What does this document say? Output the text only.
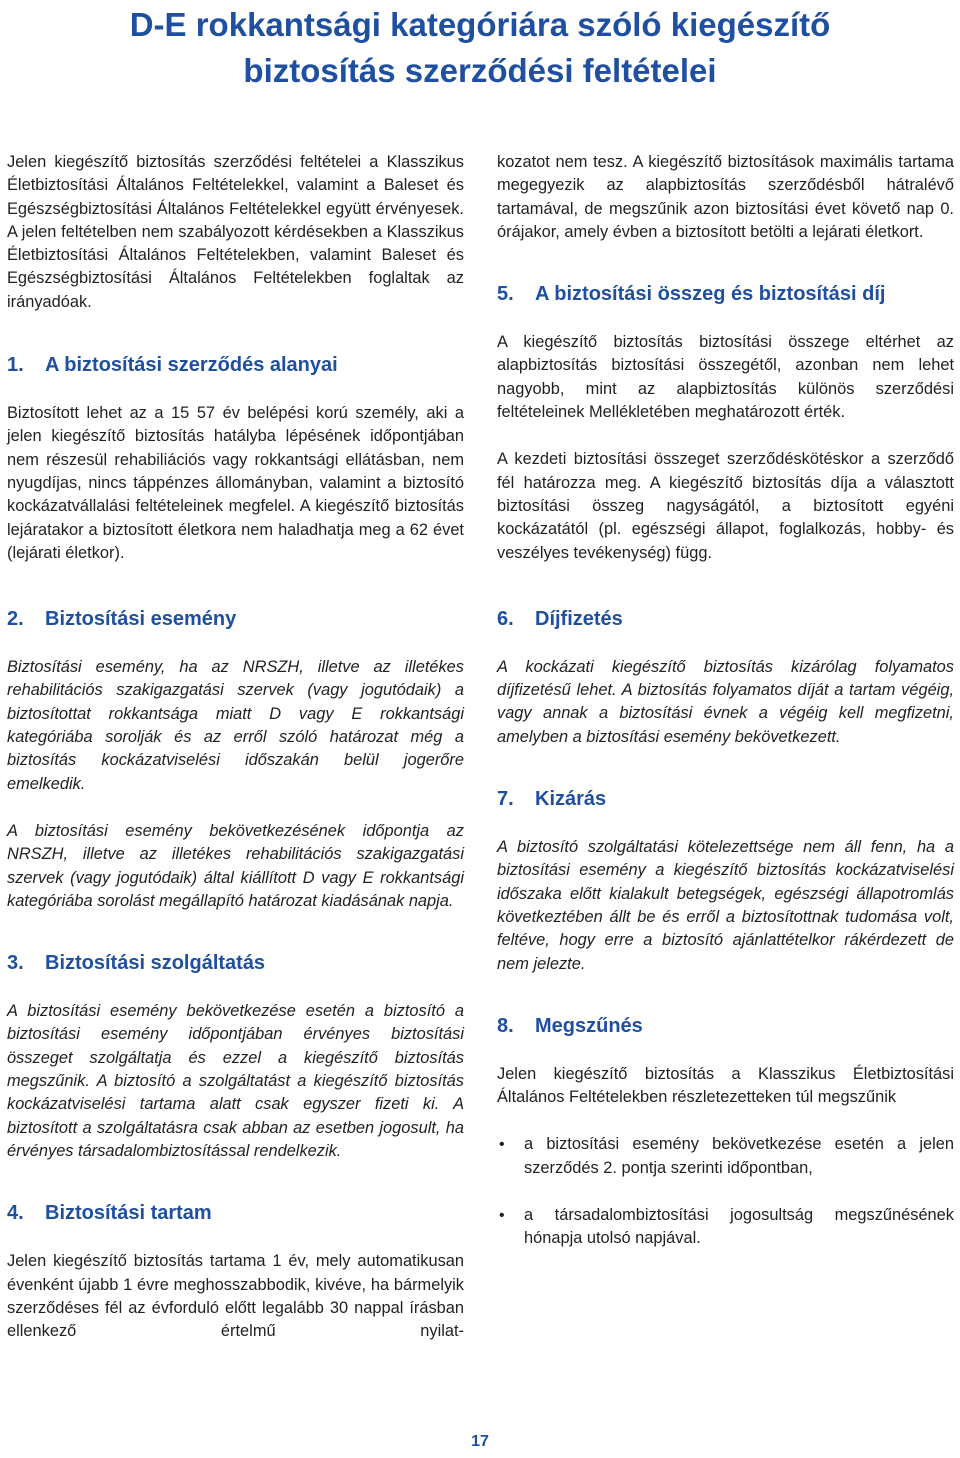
D-E rokkantsági kategóriára szóló kiegészítő
biztosítás szerződési feltételei

Jelen kiegészítő biztosítás szerződési feltételei a Klasszikus Életbiztosítási Általános Feltételekkel, valamint a Baleset és Egészségbiztosítási Általános Feltételekkel együtt érvényesek. A jelen feltételben nem szabályozott kérdésekben a Klasszikus Életbiztosítási Általános Feltételekben, valamint Baleset és Egészségbiztosítási Általános Feltételekben foglaltak az irányadóak.

1. A biztosítási szerződés alanyai

Biztosított lehet az a 15 57 év belépési korú személy, aki a jelen kiegészítő biztosítás hatályba lépésének időpontjában nem részesül rehabiliációs vagy rokkantsági ellátásban, nem nyugdíjas, nincs táppénzes állományban, valamint a biztosító kockázatvállalási feltételeinek megfelel. A kiegészítő biztosítás lejáratakor a biztosított életkora nem haladhatja meg a 62 évet (lejárati életkor).

2. Biztosítási esemény

Biztosítási esemény, ha az NRSZH, illetve az illetékes rehabilitációs szakigazgatási szervek (vagy jogutódaik) a biztosítottat rokkantsága miatt D vagy E rokkantsági kategóriába sorolják és az erről szóló határozat még a biztosítás kockázatviselési időszakán belül jogerőre emelkedik.

A biztosítási esemény bekövetkezésének időpontja az NRSZH, illetve az illetékes rehabilitációs szakigazgatási szervek (vagy jogutódaik) által kiállított D vagy E rokkantsági kategóriába sorolást megállapító határozat kiadásának napja.

3. Biztosítási szolgáltatás

A biztosítási esemény bekövetkezése esetén a biztosító a biztosítási esemény időpontjában érvényes biztosítási összeget szolgáltatja és ezzel a kiegészítő biztosítás megszűnik. A biztosító a szolgáltatást a kiegészítő biztosítás kockázatviselési tartama alatt csak egyszer fizeti ki. A biztosított a szolgáltatásra csak abban az esetben jogosult, ha érvényes társadalombiztosítással rendelkezik.

4. Biztosítási tartam

Jelen kiegészítő biztosítás tartama 1 év, mely automatikusan évenként újabb 1 évre meghosszabbodik, kivéve, ha bármelyik szerződéses fél az évforduló előtt legalább 30 nappal írásban ellenkező értelmű nyilat-

kozatot nem tesz. A kiegészítő biztosítások maximális tartama megegyezik az alapbiztosítás szerződésből hátralévő tartamával, de megszűnik azon biztosítási évet követő nap 0. órájakor, amely évben a biztosított betölti a lejárati életkort.

5. A biztosítási összeg és biztosítási díj

A kiegészítő biztosítás biztosítási összege eltérhet az alapbiztosítás biztosítási összegétől, azonban nem lehet nagyobb, mint az alapbiztosítás különös szerződési feltételeinek Mellékletében meghatározott érték.

A kezdeti biztosítási összeget szerződéskötéskor a szerződő fél határozza meg. A kiegészítő biztosítás díja a választott biztosítási összeg nagyságától, a biztosított egyéni kockázatától (pl. egészségi állapot, foglalkozás, hobby- és veszélyes tevékenység) függ.

6. Díjfizetés

A kockázati kiegészítő biztosítás kizárólag folyamatos díjfizetésű lehet. A biztosítás folyamatos díját a tartam végéig, vagy annak a biztosítási évnek a végéig kell megfizetni, amelyben a biztosítási esemény bekövetkezett.

7. Kizárás

A biztosító szolgáltatási kötelezettsége nem áll fenn, ha a biztosítási esemény a kiegészítő biztosítás kockázatviselési időszaka előtt kialakult betegségek, egészségi állapotromlás következtében állt be és erről a biztosítottnak tudomása volt, feltéve, hogy erre a biztosító ajánlattételkor rákérdezett de nem jelezte.

8. Megszűnés

Jelen kiegészítő biztosítás a Klasszikus Életbiztosítási Általános Feltételekben részletezetteken túl megszűnik

• a biztosítási esemény bekövetkezése esetén a jelen szerződés 2. pontja szerinti időpontban,
• a társadalombiztosítási jogosultság megszűnésének hónapja utolsó napjával.
17
